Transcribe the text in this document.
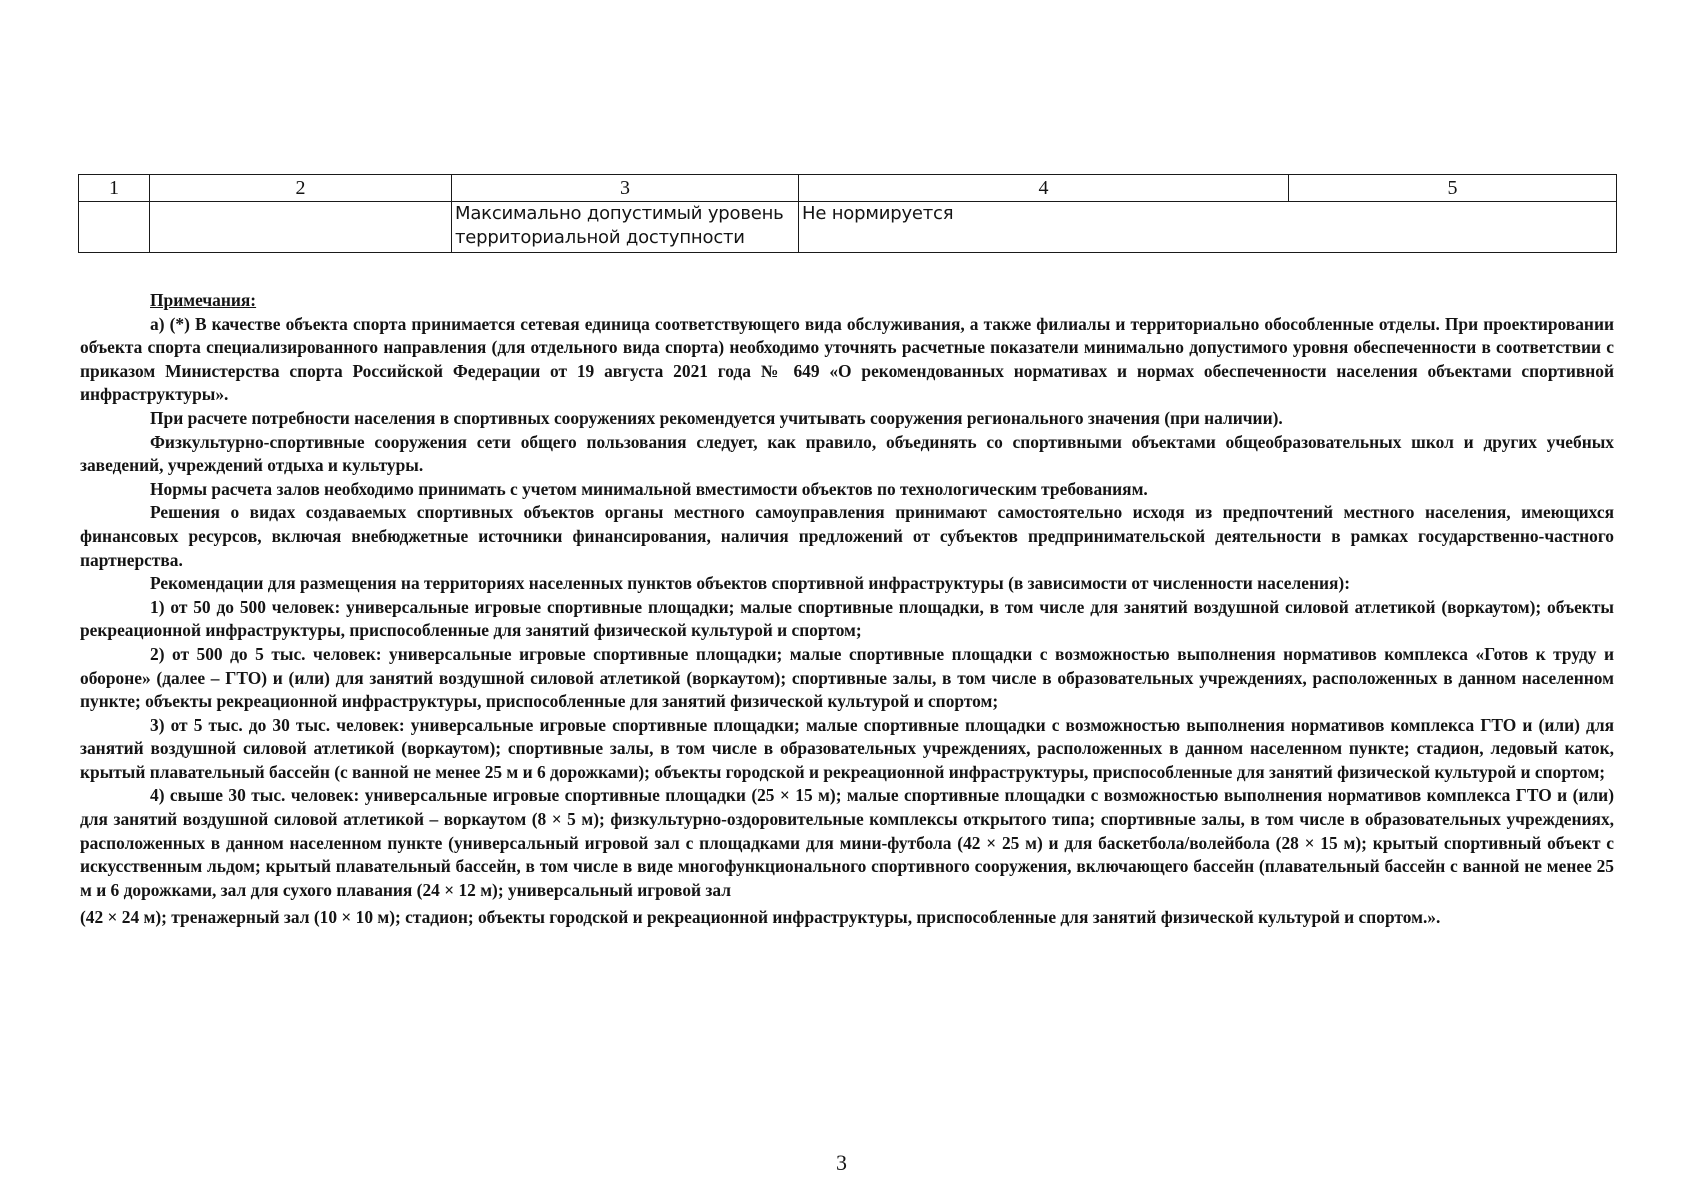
1	2	3	4	5
		Максимально допустимый уровень территориальной доступности	Не нормируется	

Примечания:

а) (*) В качестве объекта спорта принимается сетевая единица соответствующего вида обслуживания, а также филиалы и территориально обособленные отделы. При проектировании объекта спорта специализированного направления (для отдельного вида спорта) необходимо уточнять расчетные показатели минимально допустимого уровня обеспеченности в соответствии с приказом Министерства спорта Российской Федерации от 19 августа 2021 года № 649 «О рекомендованных нормативах и нормах обеспеченности населения объектами спортивной инфраструктуры».

При расчете потребности населения в спортивных сооружениях рекомендуется учитывать сооружения регионального значения (при наличии).

Физкультурно-спортивные сооружения сети общего пользования следует, как правило, объединять со спортивными объектами общеобразовательных школ и других учебных заведений, учреждений отдыха и культуры.

Нормы расчета залов необходимо принимать с учетом минимальной вместимости объектов по технологическим требованиям.

Решения о видах создаваемых спортивных объектов органы местного самоуправления принимают самостоятельно исходя из предпочтений местного населения, имеющихся финансовых ресурсов, включая внебюджетные источники финансирования, наличия предложений от субъектов предпринимательской деятельности в рамках государственно-частного партнерства.

Рекомендации для размещения на территориях населенных пунктов объектов спортивной инфраструктуры (в зависимости от численности населения):

1) от 50 до 500 человек: универсальные игровые спортивные площадки; малые спортивные площадки, в том числе для занятий воздушной силовой атлетикой (воркаутом); объекты рекреационной инфраструктуры, приспособленные для занятий физической культурой и спортом;

2) от 500 до 5 тыс. человек: универсальные игровые спортивные площадки; малые спортивные площадки с возможностью выполнения нормативов комплекса «Готов к труду и обороне» (далее – ГТО) и (или) для занятий воздушной силовой атлетикой (воркаутом); спортивные залы, в том числе в образовательных учреждениях, расположенных в данном населенном пункте; объекты рекреационной инфраструктуры, приспособленные для занятий физической культурой и спортом;

3) от 5 тыс. до 30 тыс. человек: универсальные игровые спортивные площадки; малые спортивные площадки с возможностью выполнения нормативов комплекса ГТО и (или) для занятий воздушной силовой атлетикой (воркаутом); спортивные залы, в том числе в образовательных учреждениях, расположенных в данном населенном пункте; стадион, ледовый каток, крытый плавательный бассейн (с ванной не менее 25 м и 6 дорожками); объекты городской и рекреационной инфраструктуры, приспособленные для занятий физической культурой и спортом;

4) свыше 30 тыс. человек: универсальные игровые спортивные площадки (25 × 15 м); малые спортивные площадки с возможностью выполнения нормативов комплекса ГТО и (или) для занятий воздушной силовой атлетикой – воркаутом (8 × 5 м); физкультурно-оздоровительные комплексы открытого типа; спортивные залы, в том числе в образовательных учреждениях, расположенных в данном населенном пункте (универсальный игровой зал с площадками для мини-футбола (42 × 25 м) и для баскетбола/волейбола (28 × 15 м); крытый спортивный объект с искусственным льдом; крытый плавательный бассейн, в том числе в виде многофункционального спортивного сооружения, включающего бассейн (плавательный бассейн с ванной не менее 25 м и 6 дорожками, зал для сухого плавания (24 × 12 м); универсальный игровой зал

(42 × 24 м); тренажерный зал (10 × 10 м); стадион; объекты городской и рекреационной инфраструктуры, приспособленные для занятий физической культурой и спортом.».

3
